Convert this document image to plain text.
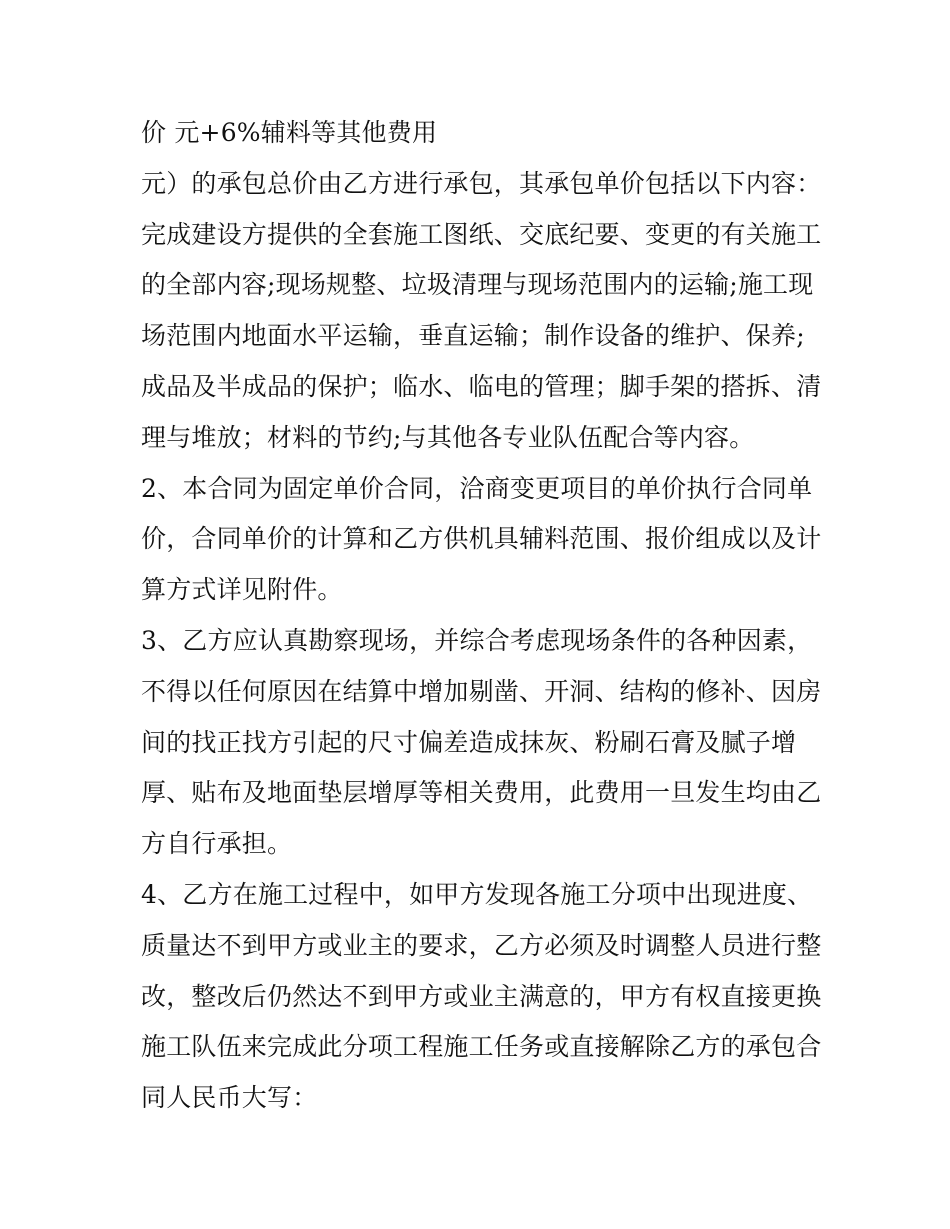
价 元+6%辅料等其他费用
元）的承包总价由乙方进行承包，其承包单价包括以下内容：
完成建设方提供的全套施工图纸、交底纪要、变更的有关施工
的全部内容;现场规整、垃圾清理与现场范围内的运输;施工现
场范围内地面水平运输，垂直运输；制作设备的维护、保养;
成品及半成品的保护；临水、临电的管理；脚手架的搭拆、清
理与堆放；材料的节约;与其他各专业队伍配合等内容。
2、本合同为固定单价合同，洽商变更项目的单价执行合同单
价，合同单价的计算和乙方供机具辅料范围、报价组成以及计
算方式详见附件。
3、乙方应认真勘察现场，并综合考虑现场条件的各种因素，
不得以任何原因在结算中增加剔凿、开洞、结构的修补、因房
间的找正找方引起的尺寸偏差造成抹灰、粉刷石膏及腻子增
厚、贴布及地面垫层增厚等相关费用，此费用一旦发生均由乙
方自行承担。
4、乙方在施工过程中，如甲方发现各施工分项中出现进度、
质量达不到甲方或业主的要求，乙方必须及时调整人员进行整
改，整改后仍然达不到甲方或业主满意的，甲方有权直接更换
施工队伍来完成此分项工程施工任务或直接解除乙方的承包合
同人民币大写：
